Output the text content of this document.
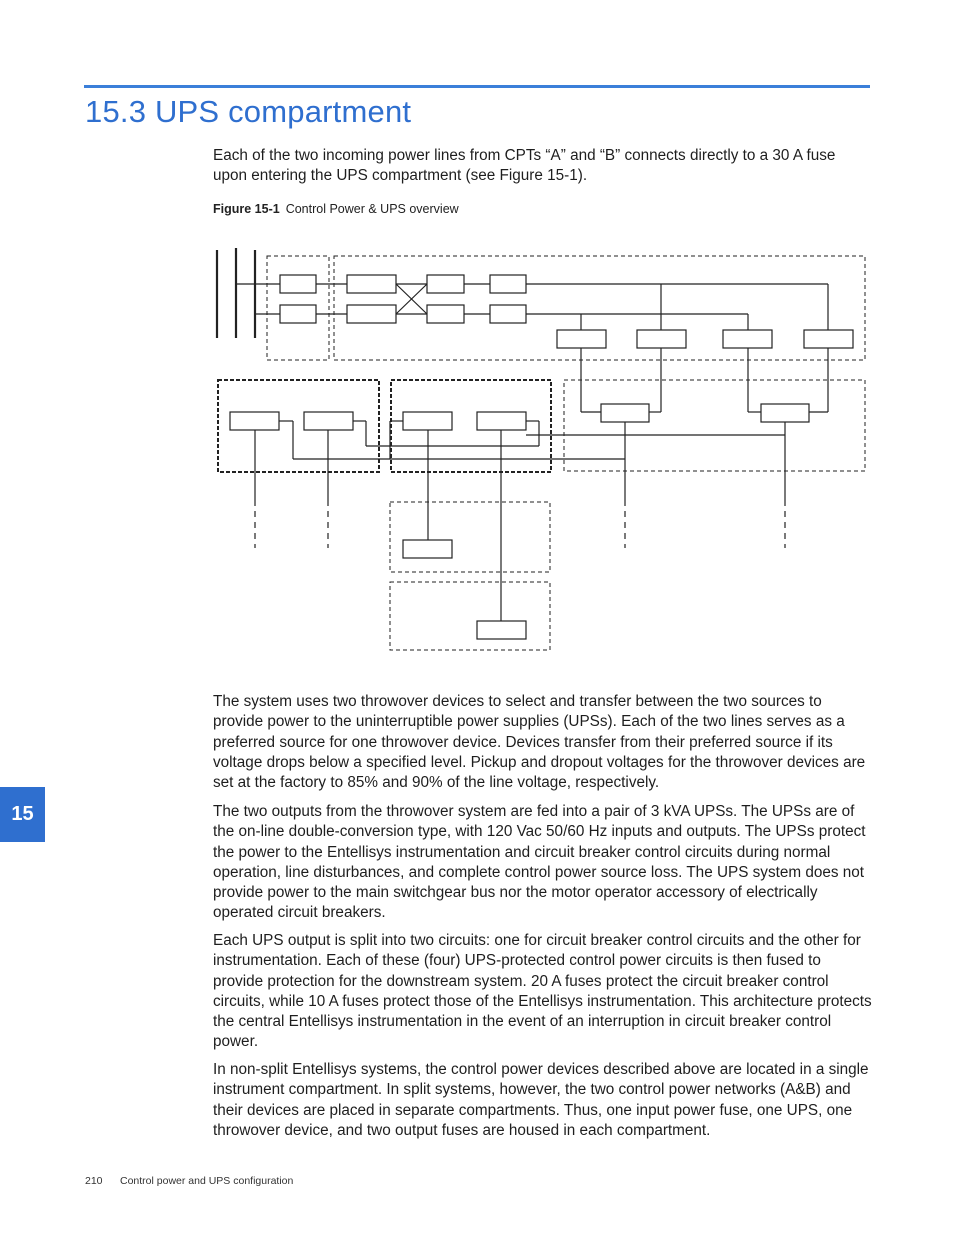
15.3 UPS compartment

Each of the two incoming power lines from CPTs “A” and “B” connects directly to a 30 A fuse upon entering the UPS compartment (see Figure 15-1).

Figure 15-1 Control Power & UPS overview

The system uses two throwover devices to select and transfer between the two sources to provide power to the uninterruptible power supplies (UPSs). Each of the two lines serves as a preferred source for one throwover device. Devices transfer from their preferred source if its voltage drops below a specified level. Pickup and dropout voltages for the throwover devices are set at the factory to 85% and 90% of the line voltage, respectively.

The two outputs from the throwover system are fed into a pair of 3 kVA UPSs. The UPSs are of the on-line double-conversion type, with 120 Vac 50/60 Hz inputs and outputs. The UPSs protect the power to the Entellisys instrumentation and circuit breaker control circuits during normal operation, line disturbances, and complete control power source loss. The UPS system does not provide power to the main switchgear bus nor the motor operator accessory of electrically operated circuit breakers.

Each UPS output is split into two circuits: one for circuit breaker control circuits and the other for instrumentation. Each of these (four) UPS-protected control power circuits is then fused to provide protection for the downstream system. 20 A fuses protect the circuit breaker control circuits, while 10 A fuses protect those of the Entellisys instrumentation. This architecture protects the central Entellisys instrumentation in the event of an interruption in circuit breaker control power.

In non-split Entellisys systems, the control power devices described above are located in a single instrument compartment. In split systems, however, the two control power networks (A&B) and their devices are placed in separate compartments. Thus, one input power fuse, one UPS, one throwover device, and two output fuses are housed in each compartment.

15
210 Control power and UPS configuration
